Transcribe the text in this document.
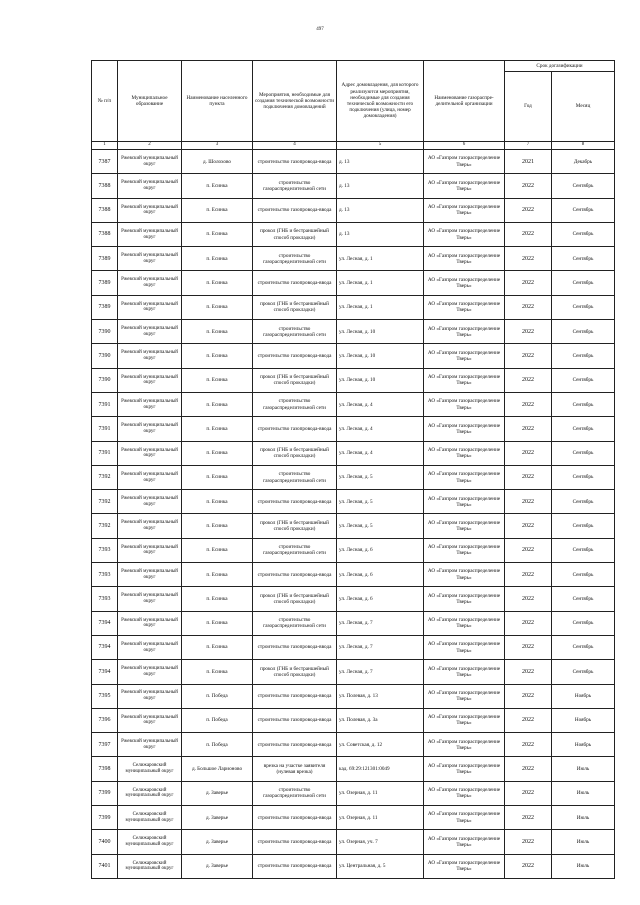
497
№ п/п	Муниципальное образование	Наименование населенного пункта	Мероприятия, необходимые для создания технической возможности подключения домовладений	Адрес домовладения, для которого реализуются мероприятия, необходимые для создания технической возможности его подключения (улица, номер домовладения)	Наименование газораспре-делительной организации	Срок догазификации	
						Год	Месяц
1	2	3	4	5	6	7	8
7387	Ржевский муниципальный округ	д. Шолохово	строительство газопровода-ввода	д. 13	АО «Газпром газораспределение Тверь»	2021	Декабрь
7388	Ржевский муниципальный округ	п. Есинка	строительство газораспределительной сети	д. 13	АО «Газпром газораспределение Тверь»	2022	Сентябрь
7388	Ржевский муниципальный округ	п. Есинка	строительство газопровода-ввода	д. 13	АО «Газпром газораспределение Тверь»	2022	Сентябрь
7388	Ржевский муниципальный округ	п. Есинка	прокол (ГНБ и бестраншейный способ прокладки)	д. 13	АО «Газпром газораспределение Тверь»	2022	Сентябрь
7389	Ржевский муниципальный округ	п. Есинка	строительство газораспределительной сети	ул. Лесная, д. 1	АО «Газпром газораспределение Тверь»	2022	Сентябрь
7389	Ржевский муниципальный округ	п. Есинка	строительство газопровода-ввода	ул. Лесная, д. 1	АО «Газпром газораспределение Тверь»	2022	Сентябрь
7389	Ржевский муниципальный округ	п. Есинка	прокол (ГНБ и бестраншейный способ прокладки)	ул. Лесная, д. 1	АО «Газпром газораспределение Тверь»	2022	Сентябрь
7390	Ржевский муниципальный округ	п. Есинка	строительство газораспределительной сети	ул. Лесная, д. 10	АО «Газпром газораспределение Тверь»	2022	Сентябрь
7390	Ржевский муниципальный округ	п. Есинка	строительство газопровода-ввода	ул. Лесная, д. 10	АО «Газпром газораспределение Тверь»	2022	Сентябрь
7390	Ржевский муниципальный округ	п. Есинка	прокол (ГНБ и бестраншейный способ прокладки)	ул. Лесная, д. 10	АО «Газпром газораспределение Тверь»	2022	Сентябрь
7391	Ржевский муниципальный округ	п. Есинка	строительство газораспределительной сети	ул. Лесная, д. 4	АО «Газпром газораспределение Тверь»	2022	Сентябрь
7391	Ржевский муниципальный округ	п. Есинка	строительство газопровода-ввода	ул. Лесная, д. 4	АО «Газпром газораспределение Тверь»	2022	Сентябрь
7391	Ржевский муниципальный округ	п. Есинка	прокол (ГНБ и бестраншейный способ прокладки)	ул. Лесная, д. 4	АО «Газпром газораспределение Тверь»	2022	Сентябрь
7392	Ржевский муниципальный округ	п. Есинка	строительство газораспределительной сети	ул. Лесная, д. 5	АО «Газпром газораспределение Тверь»	2022	Сентябрь
7392	Ржевский муниципальный округ	п. Есинка	строительство газопровода-ввода	ул. Лесная, д. 5	АО «Газпром газораспределение Тверь»	2022	Сентябрь
7392	Ржевский муниципальный округ	п. Есинка	прокол (ГНБ и бестраншейный способ прокладки)	ул. Лесная, д. 5	АО «Газпром газораспределение Тверь»	2022	Сентябрь
7393	Ржевский муниципальный округ	п. Есинка	строительство газораспределительной сети	ул. Лесная, д. 6	АО «Газпром газораспределение Тверь»	2022	Сентябрь
7393	Ржевский муниципальный округ	п. Есинка	строительство газопровода-ввода	ул. Лесная, д. 6	АО «Газпром газораспределение Тверь»	2022	Сентябрь
7393	Ржевский муниципальный округ	п. Есинка	прокол (ГНБ и бестраншейный способ прокладки)	ул. Лесная, д. 6	АО «Газпром газораспределение Тверь»	2022	Сентябрь
7394	Ржевский муниципальный округ	п. Есинка	строительство газораспределительной сети	ул. Лесная, д. 7	АО «Газпром газораспределение Тверь»	2022	Сентябрь
7394	Ржевский муниципальный округ	п. Есинка	строительство газопровода-ввода	ул. Лесная, д. 7	АО «Газпром газораспределение Тверь»	2022	Сентябрь
7394	Ржевский муниципальный округ	п. Есинка	прокол (ГНБ и бестраншейный способ прокладки)	ул. Лесная, д. 7	АО «Газпром газораспределение Тверь»	2022	Сентябрь
7395	Ржевский муниципальный округ	п. Победа	строительство газопровода-ввода	ул. Полевая, д. 13	АО «Газпром газораспределение Тверь»	2022	Ноябрь
7396	Ржевский муниципальный округ	п. Победа	строительство газопровода-ввода	ул. Полевая, д. 3а	АО «Газпром газораспределение Тверь»	2022	Ноябрь
7397	Ржевский муниципальный округ	п. Победа	строительство газопровода-ввода	ул. Советская, д. 12	АО «Газпром газораспределение Тверь»	2022	Ноябрь
7398	Селижаровский муниципальный округ	д. Большое Ларионово	врезка на участке заявителя (нулевая врезка)	кад. 69:29:121301:0049	АО «Газпром газораспределение Тверь»	2022	Июль
7399	Селижаровский муниципальный округ	д. Заверье	строительство газораспределительной сети	ул. Озерная, д. 11	АО «Газпром газораспределение Тверь»	2022	Июль
7399	Селижаровский муниципальный округ	д. Заверье	строительство газопровода-ввода	ул. Озерная, д. 11	АО «Газпром газораспределение Тверь»	2022	Июль
7400	Селижаровский муниципальный округ	д. Заверье	строительство газопровода-ввода	ул. Озерная, уч. 7	АО «Газпром газораспределение Тверь»	2022	Июль
7401	Селижаровский муниципальный округ	д. Заверье	строительство газопровода-ввода	ул. Центральная, д. 5	АО «Газпром газораспределение Тверь»	2022	Июль
